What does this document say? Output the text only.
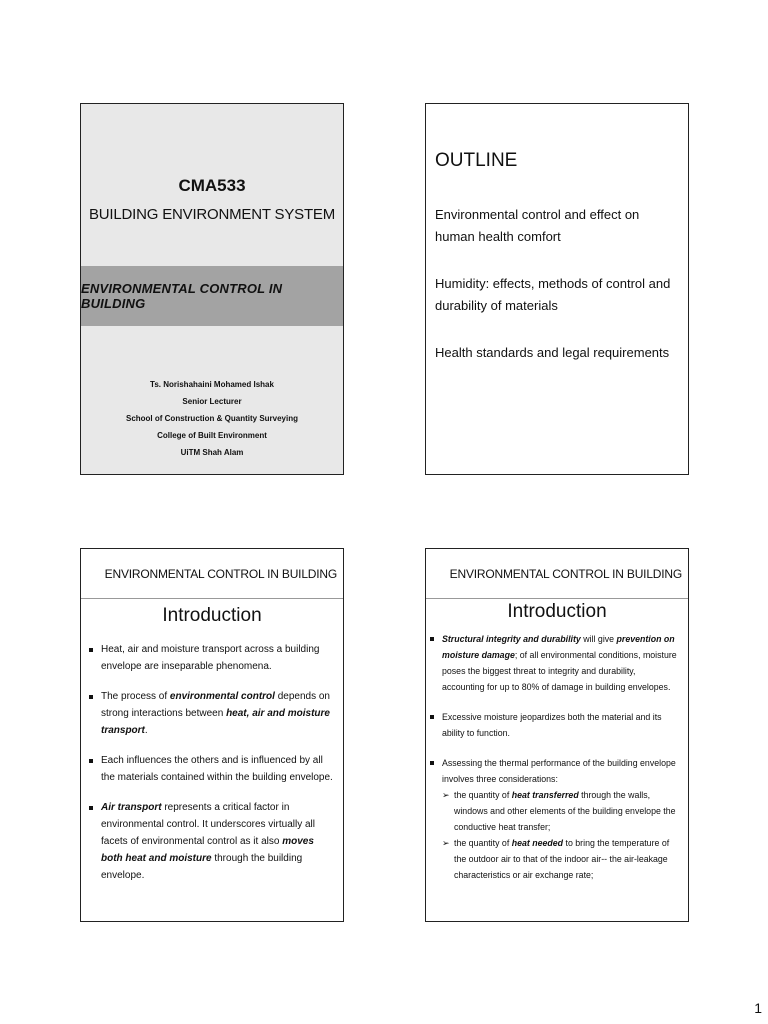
CMA533
BUILDING ENVIRONMENT SYSTEM
ENVIRONMENTAL CONTROL IN BUILDING
Ts. Norishahaini Mohamed Ishak
Senior Lecturer
School of Construction & Quantity Surveying
College of Built Environment
UiTM Shah Alam
OUTLINE
Environmental control and effect on human health comfort
Humidity: effects, methods of control and durability of materials
Health standards and legal requirements
ENVIRONMENTAL CONTROL IN BUILDING
Introduction
Heat, air and moisture transport across a building envelope are inseparable phenomena.
The process of environmental control depends on strong interactions between heat, air and moisture transport.
Each influences the others and is influenced by all the materials contained within the building envelope.
Air transport represents a critical factor in environmental control. It underscores virtually all facets of environmental control as it also moves both heat and moisture through the building envelope.
ENVIRONMENTAL CONTROL IN BUILDING
Introduction
Structural integrity and durability will give prevention on moisture damage; of all environmental conditions, moisture poses the biggest threat to integrity and durability, accounting for up to 80% of damage in building envelopes.
Excessive moisture jeopardizes both the material and its ability to function.
Assessing the thermal performance of the building envelope involves three considerations:
➢ the quantity of heat transferred through the walls, windows and other elements of the building envelope the conductive heat transfer;
➢ the quantity of heat needed to bring the temperature of the outdoor air to that of the indoor air-- the air-leakage characteristics or air exchange rate;
1
